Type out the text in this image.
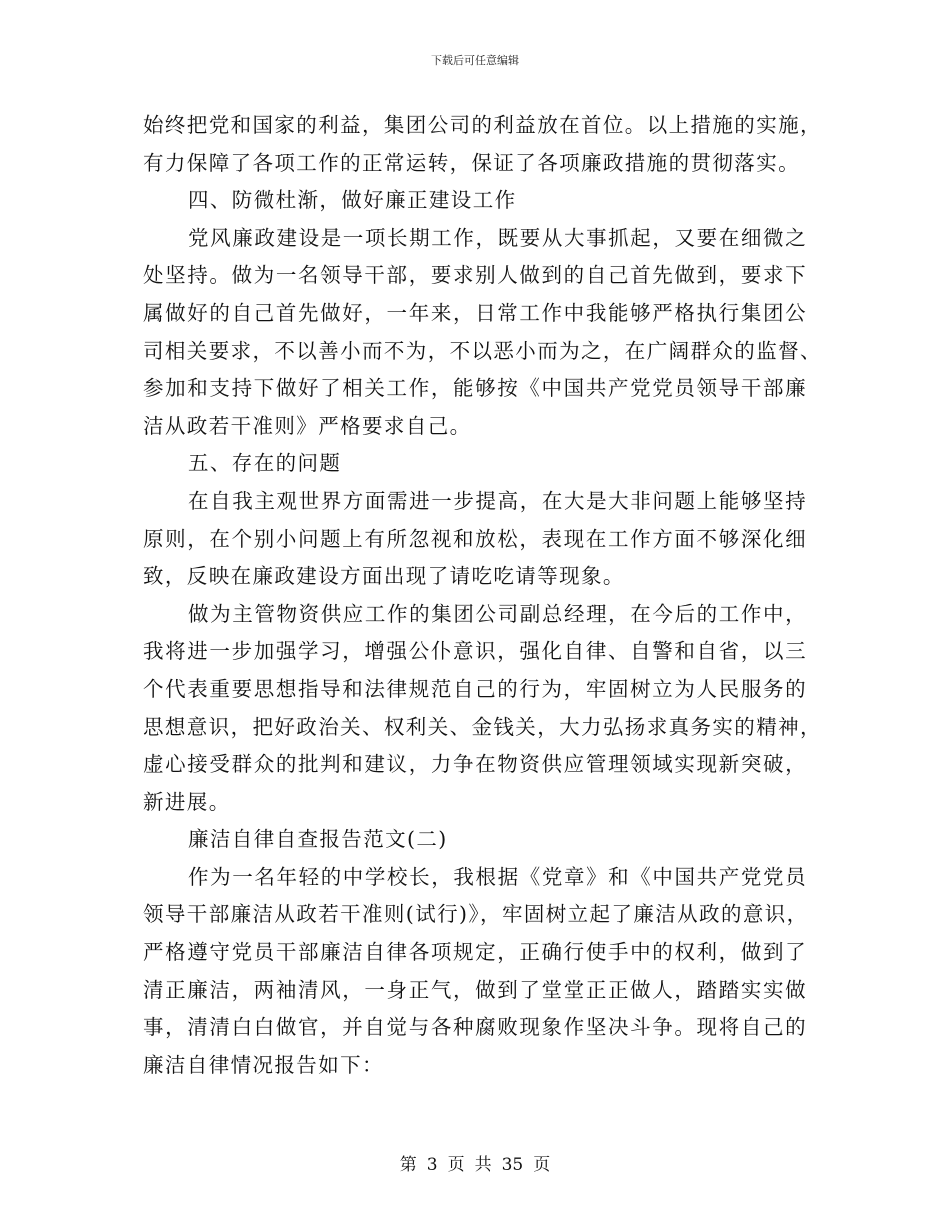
下载后可任意编辑
始终把党和国家的利益，集团公司的利益放在首位。以上措施的实施，
有力保障了各项工作的正常运转，保证了各项廉政措施的贯彻落实。
四、防微杜渐，做好廉正建设工作
党风廉政建设是一项长期工作，既要从大事抓起，又要在细微之
处坚持。做为一名领导干部，要求别人做到的自己首先做到，要求下
属做好的自己首先做好，一年来，日常工作中我能够严格执行集团公
司相关要求，不以善小而不为，不以恶小而为之，在广阔群众的监督、
参加和支持下做好了相关工作，能够按《中国共产党党员领导干部廉
洁从政若干准则》严格要求自己。
五、存在的问题
在自我主观世界方面需进一步提高，在大是大非问题上能够坚持
原则，在个别小问题上有所忽视和放松，表现在工作方面不够深化细
致，反映在廉政建设方面出现了请吃吃请等现象。
做为主管物资供应工作的集团公司副总经理，在今后的工作中，
我将进一步加强学习，增强公仆意识，强化自律、自警和自省，以三
个代表重要思想指导和法律规范自己的行为，牢固树立为人民服务的
思想意识，把好政治关、权利关、金钱关，大力弘扬求真务实的精神，
虚心接受群众的批判和建议，力争在物资供应管理领域实现新突破，
新进展。
廉洁自律自查报告范文(二)
作为一名年轻的中学校长，我根据《党章》和《中国共产党党员
领导干部廉洁从政若干准则(试行)》，牢固树立起了廉洁从政的意识，
严格遵守党员干部廉洁自律各项规定，正确行使手中的权利，做到了
清正廉洁，两袖清风，一身正气，做到了堂堂正正做人，踏踏实实做
事，清清白白做官，并自觉与各种腐败现象作坚决斗争。现将自己的
廉洁自律情况报告如下：
第 3 页 共 35 页
